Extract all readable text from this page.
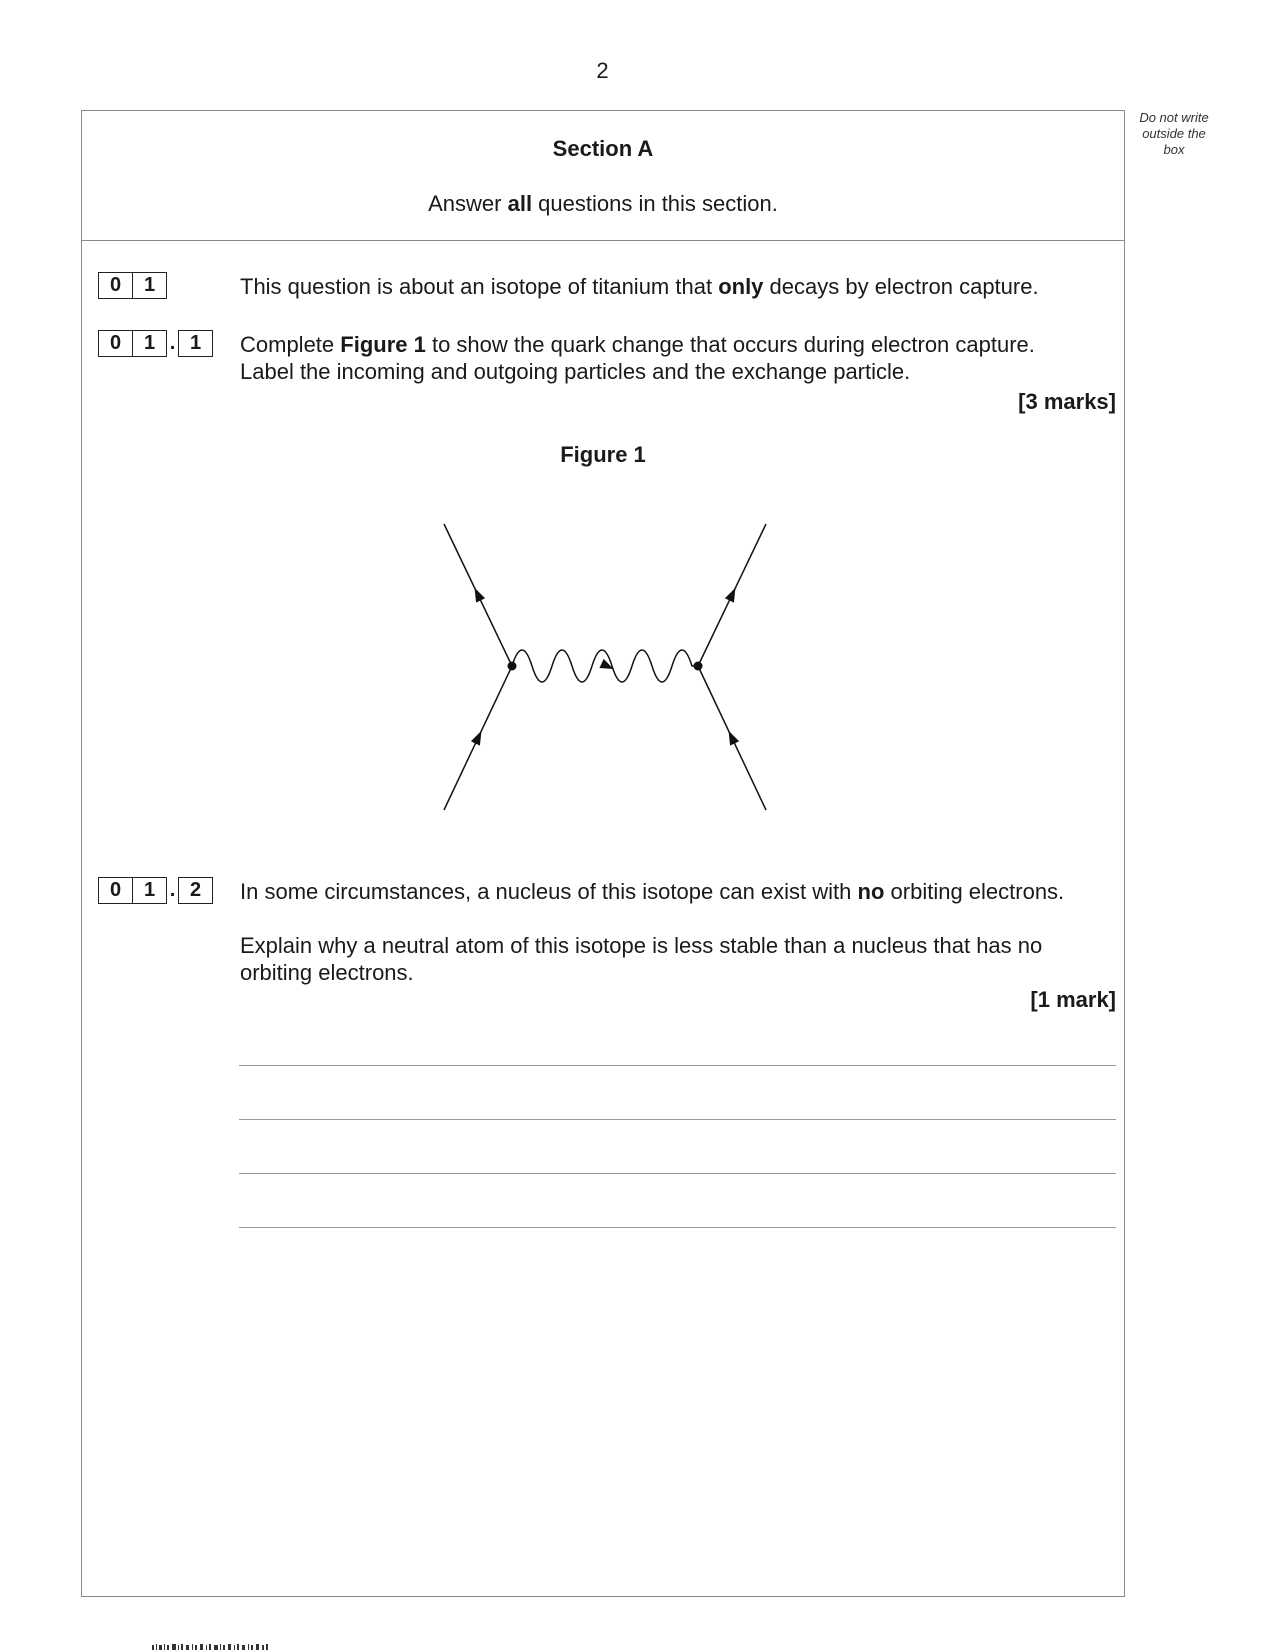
2
Do not write outside the box
Section A
Answer all questions in this section.
0	1	This question is about an isotope of titanium that only decays by electron capture.
0	1 . 1	Complete Figure 1 to show the quark change that occurs during electron capture.
Label the incoming and outgoing particles and the exchange particle.
[3 marks]
Figure 1
0	1 . 2	In some circumstances, a nucleus of this isotope can exist with no orbiting electrons.
Explain why a neutral atom of this isotope is less stable than a nucleus that has no
orbiting electrons.
[1 mark]
